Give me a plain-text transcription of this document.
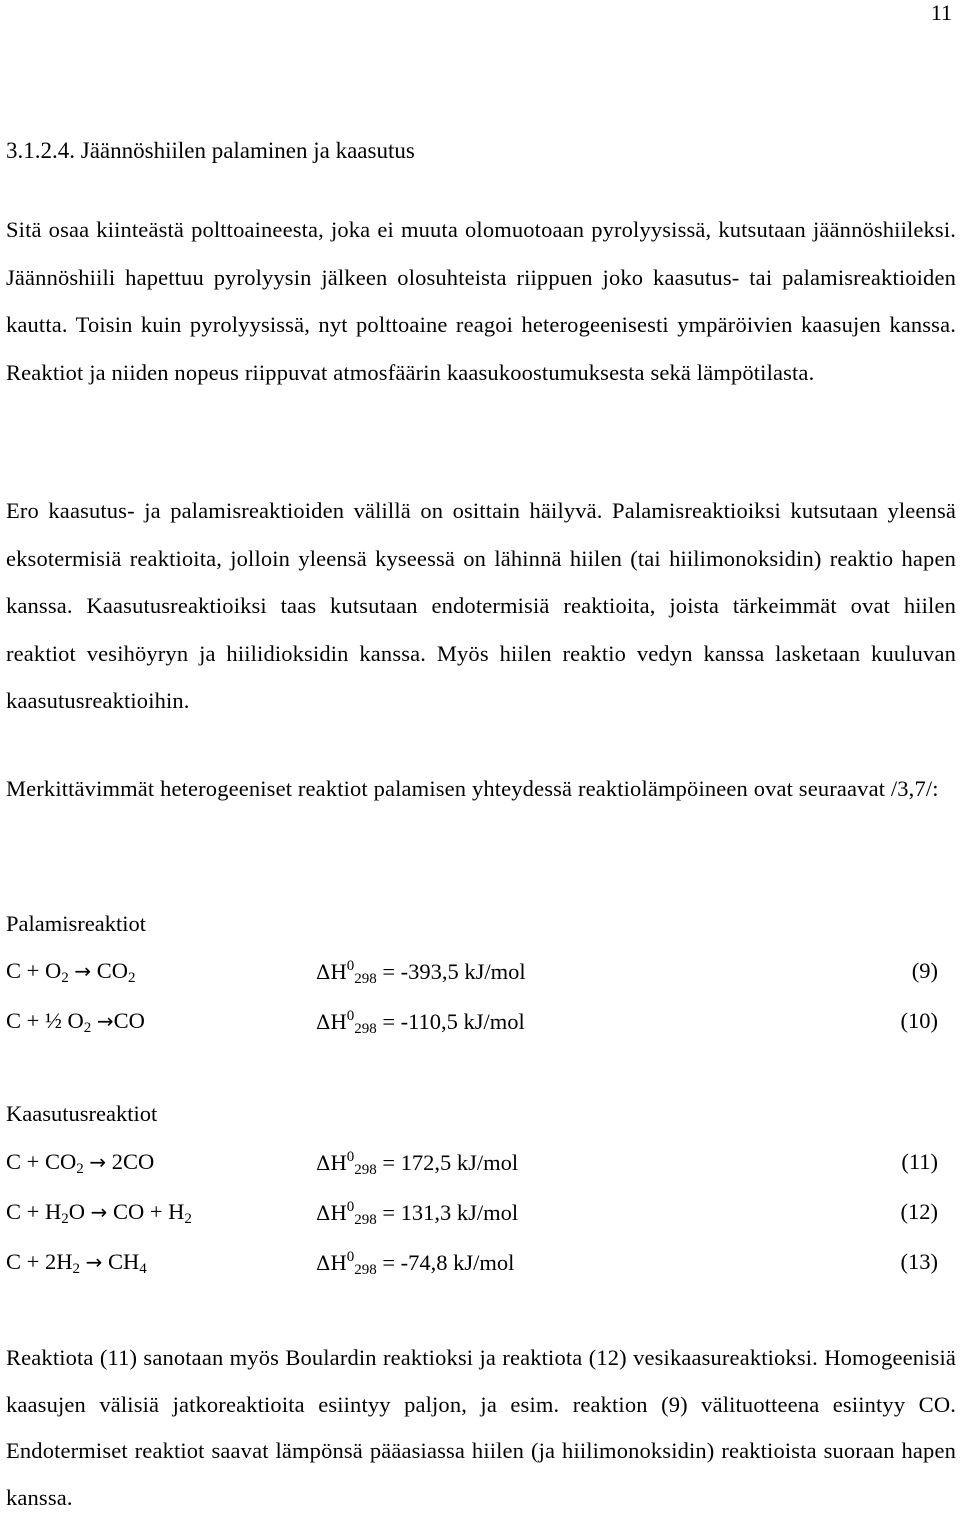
11
3.1.2.4. Jäännöshiilen palaminen ja kaasutus
Sitä osaa kiinteästä polttoaineesta, joka ei muuta olomuotoaan pyrolyysissä, kutsutaan jäännöshiileksi. Jäännöshiili hapettuu pyrolyysin jälkeen olosuhteista riippuen joko kaasutus- tai palamisreaktioiden kautta. Toisin kuin pyrolyysissä, nyt polttoaine reagoi heterogeenisesti ympäröivien kaasujen kanssa. Reaktiot ja niiden nopeus riippuvat atmosfäärin kaasukoostumuksesta sekä lämpötilasta.
Ero kaasutus- ja palamisreaktioiden välillä on osittain häilyvä. Palamisreaktioiksi kutsutaan yleensä eksotermisiä reaktioita, jolloin yleensä kyseessä on lähinnä hiilen (tai hiilimonoksidin) reaktio hapen kanssa. Kaasutusreaktioiksi taas kutsutaan endotermisiä reaktioita, joista tärkeimmät ovat hiilen reaktiot vesihöyryn ja hiilidioksidin kanssa. Myös hiilen reaktio vedyn kanssa lasketaan kuuluvan kaasutusreaktioihin.
Merkittävimmät heterogeeniset reaktiot palamisen yhteydessä reaktiolämpöineen ovat seuraavat /3,7/:
Palamisreaktiot
$C + O_2 \to CO_2$	$\Delta H^0_{298} = -393,5$ kJ/mol	(9)
C + ½ $O_2 \to CO$	$\Delta H^0_{298} = -110,5$ kJ/mol	(10)
Kaasutusreaktiot
$C + CO_2 \to 2CO$	$\Delta H^0_{298} = 172,5$ kJ/mol	(11)
$C + H_2O$ → CO + $H_2$	$\Delta H^0_{298} = 131,3$ kJ/mol	(12)
$C + 2H_2 \to CH_4$	$\Delta H^0_{298} = -74,8$ kJ/mol	(13)
Reaktiota (11) sanotaan myös Boulardin reaktioksi ja reaktiota (12) vesikaasureaktioksi. Homogeenisiä kaasujen välisiä jatkoreaktioita esiintyy paljon, ja esim. reaktion (9) välituotteena esiintyy CO. Endotermiset reaktiot saavat lämpönsä pääasiassa hiilen (ja hiilimonoksidin) reaktioista suoraan hapen kanssa.
